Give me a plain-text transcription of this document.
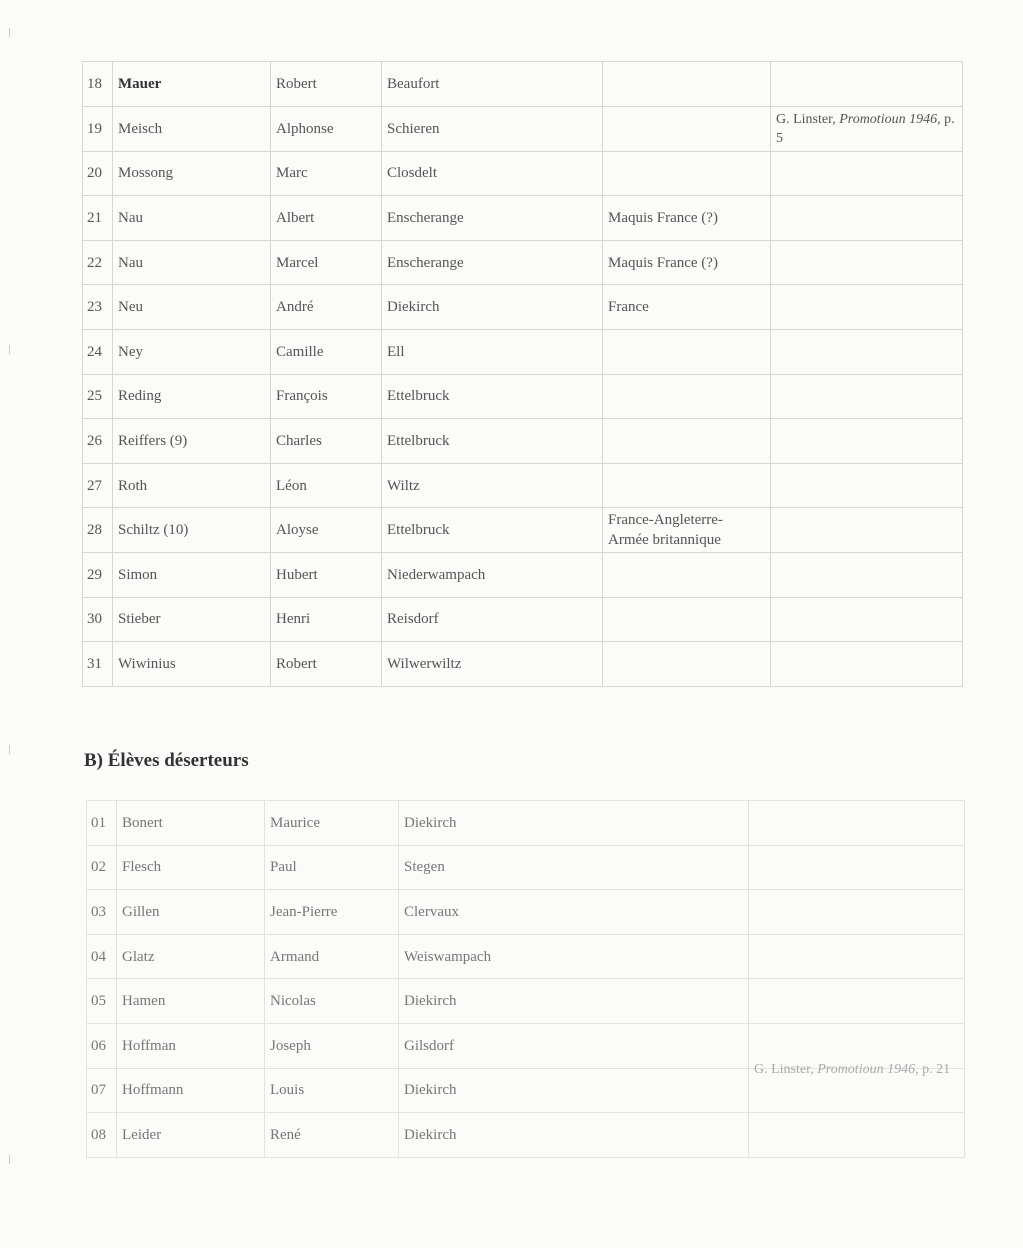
18	Mauer	Robert	Beaufort		
19	Meisch	Alphonse	Schieren		G. Linster, Promotioun 1946, p. 5
20	Mossong	Marc	Closdelt		
21	Nau	Albert	Enscherange	Maquis France (?)	
22	Nau	Marcel	Enscherange	Maquis France (?)	
23	Neu	André	Diekirch	France	
24	Ney	Camille	Ell		
25	Reding	François	Ettelbruck		
26	Reiffers (9)	Charles	Ettelbruck		
27	Roth	Léon	Wiltz		
28	Schiltz (10)	Aloyse	Ettelbruck	France-Angleterre- Armée britannique	
29	Simon	Hubert	Niederwampach		
30	Stieber	Henri	Reisdorf		
31	Wiwinius	Robert	Wilwerwiltz		
B) Élèves déserteurs
01	Bonert	Maurice	Diekirch	
02	Flesch	Paul	Stegen	
03	Gillen	Jean-Pierre	Clervaux	
04	Glatz	Armand	Weiswampach	
05	Hamen	Nicolas	Diekirch	
06	Hoffman	Joseph	Gilsdorf	
07	Hoffmann	Louis	Diekirch	
08	Leider	René	Diekirch	
G. Linster, Promotioun 1946, p. 21
